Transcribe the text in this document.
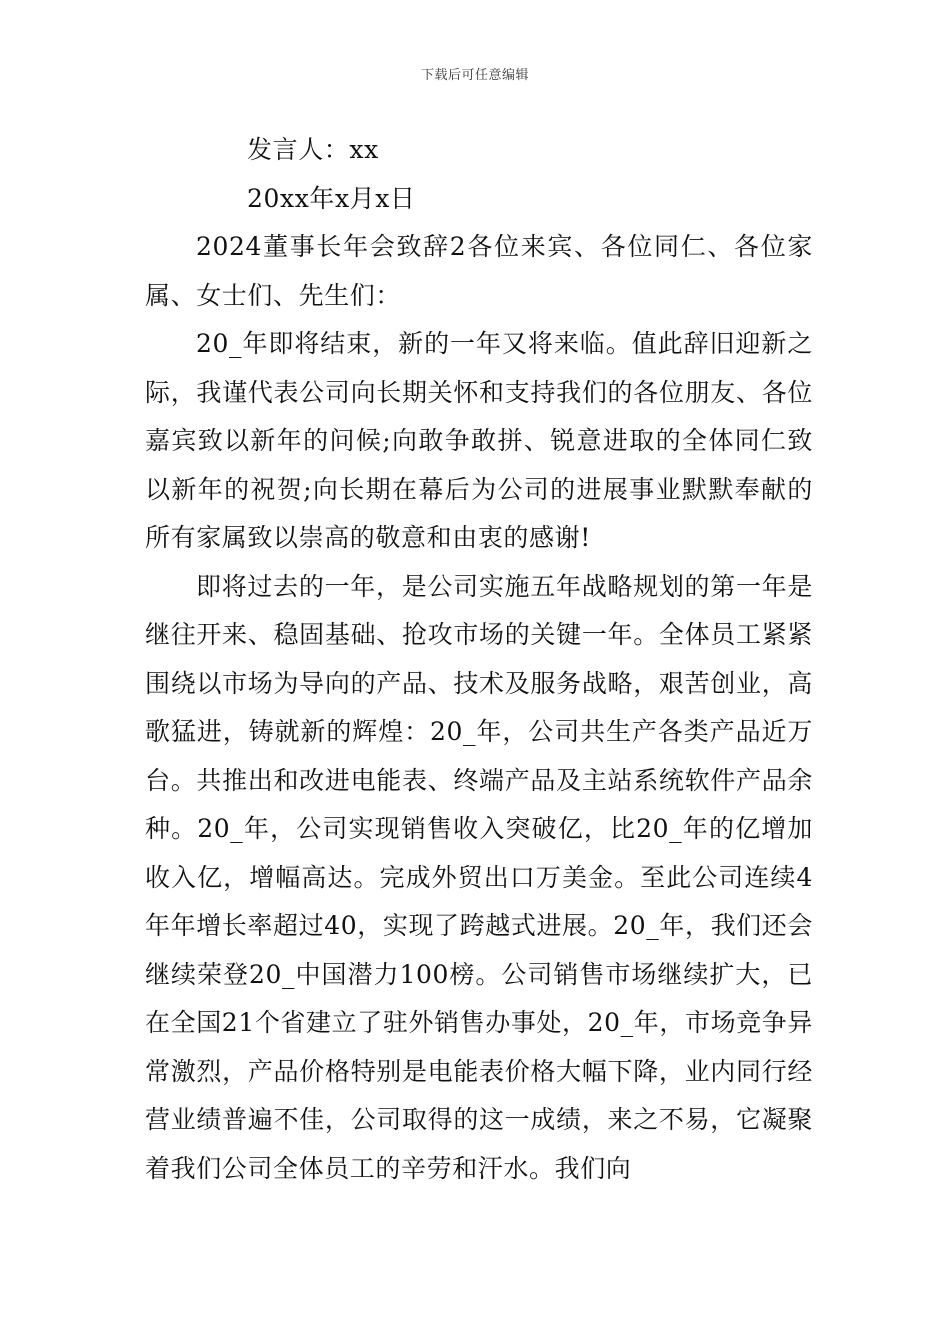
下载后可任意编辑

发言人：xx

20xx年x月x日

2024董事长年会致辞2各位来宾、各位同仁、各位家属、女士们、先生们：

20_年即将结束，新的一年又将来临。值此辞旧迎新之际，我谨代表公司向长期关怀和支持我们的各位朋友、各位嘉宾致以新年的问候;向敢争敢拼、锐意进取的全体同仁致以新年的祝贺;向长期在幕后为公司的进展事业默默奉献的所有家属致以崇高的敬意和由衷的感谢!

即将过去的一年，是公司实施五年战略规划的第一年是继往开来、稳固基础、抢攻市场的关键一年。全体员工紧紧围绕以市场为导向的产品、技术及服务战略，艰苦创业，高歌猛进，铸就新的辉煌：20_年，公司共生产各类产品近万台。共推出和改进电能表、终端产品及主站系统软件产品余种。20_年，公司实现销售收入突破亿，比20_年的亿增加收入亿，增幅高达。完成外贸出口万美金。至此公司连续4年年增长率超过40，实现了跨越式进展。20_年，我们还会继续荣登20_中国潜力100榜。公司销售市场继续扩大，已在全国21个省建立了驻外销售办事处，20_年，市场竞争异常激烈，产品价格特别是电能表价格大幅下降，业内同行经营业绩普遍不佳，公司取得的这一成绩，来之不易，它凝聚着我们公司全体员工的辛劳和汗水。我们向
